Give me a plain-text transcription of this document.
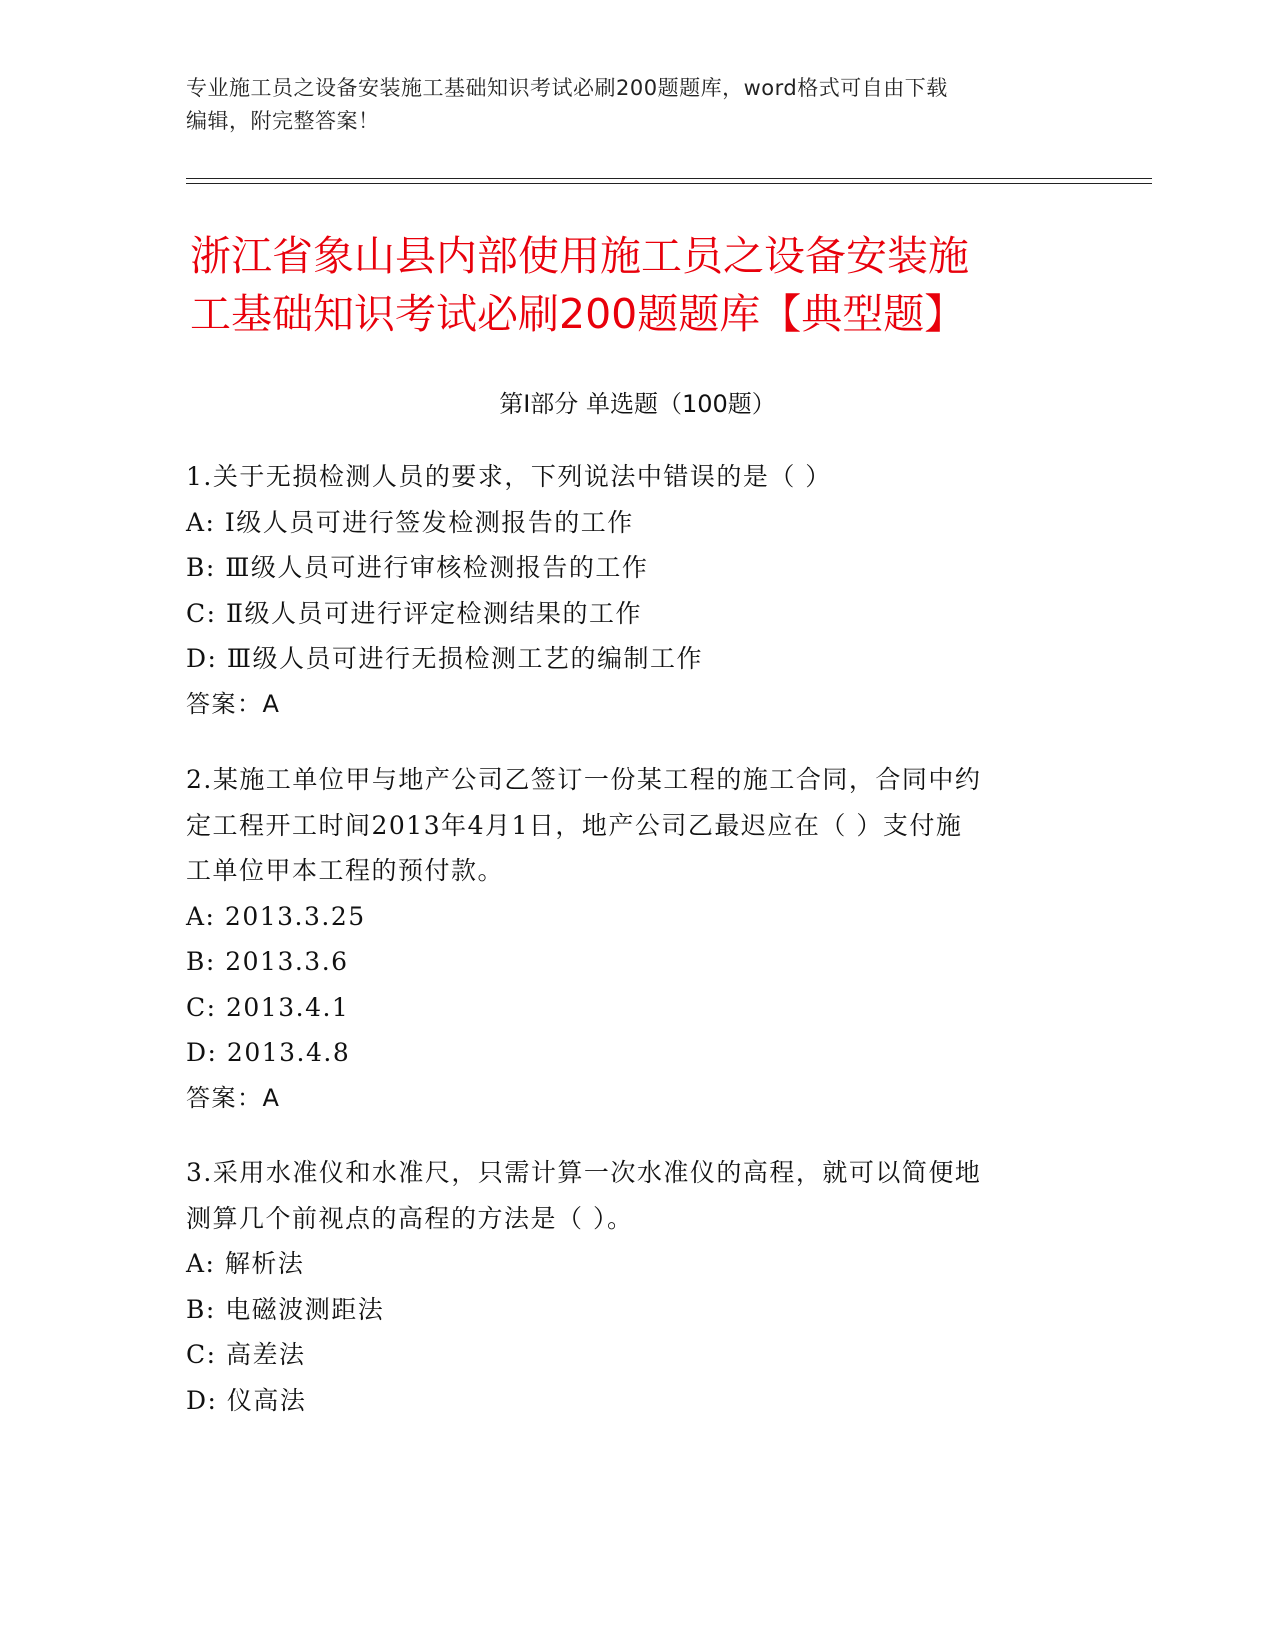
专业施工员之设备安装施工基础知识考试必刷200题题库，word格式可自由下载
编辑，附完整答案！
浙江省象山县内部使用施工员之设备安装施
工基础知识考试必刷200题题库【典型题】
第Ⅰ部分 单选题（100题）
1.关于无损检测人员的要求，下列说法中错误的是（ ）
A: Ⅰ级人员可进行签发检测报告的工作
B: Ⅲ级人员可进行审核检测报告的工作
C: Ⅱ级人员可进行评定检测结果的工作
D: Ⅲ级人员可进行无损检测工艺的编制工作
答案：A
2.某施工单位甲与地产公司乙签订一份某工程的施工合同，合同中约
定工程开工时间2013年4月1日，地产公司乙最迟应在（ ）支付施
工单位甲本工程的预付款。
A: 2013.3.25
B: 2013.3.6
C: 2013.4.1
D: 2013.4.8
答案：A
3.采用水准仪和水准尺，只需计算一次水准仪的高程，就可以简便地
测算几个前视点的高程的方法是（ ）。
A: 解析法
B: 电磁波测距法
C: 高差法
D: 仪高法
